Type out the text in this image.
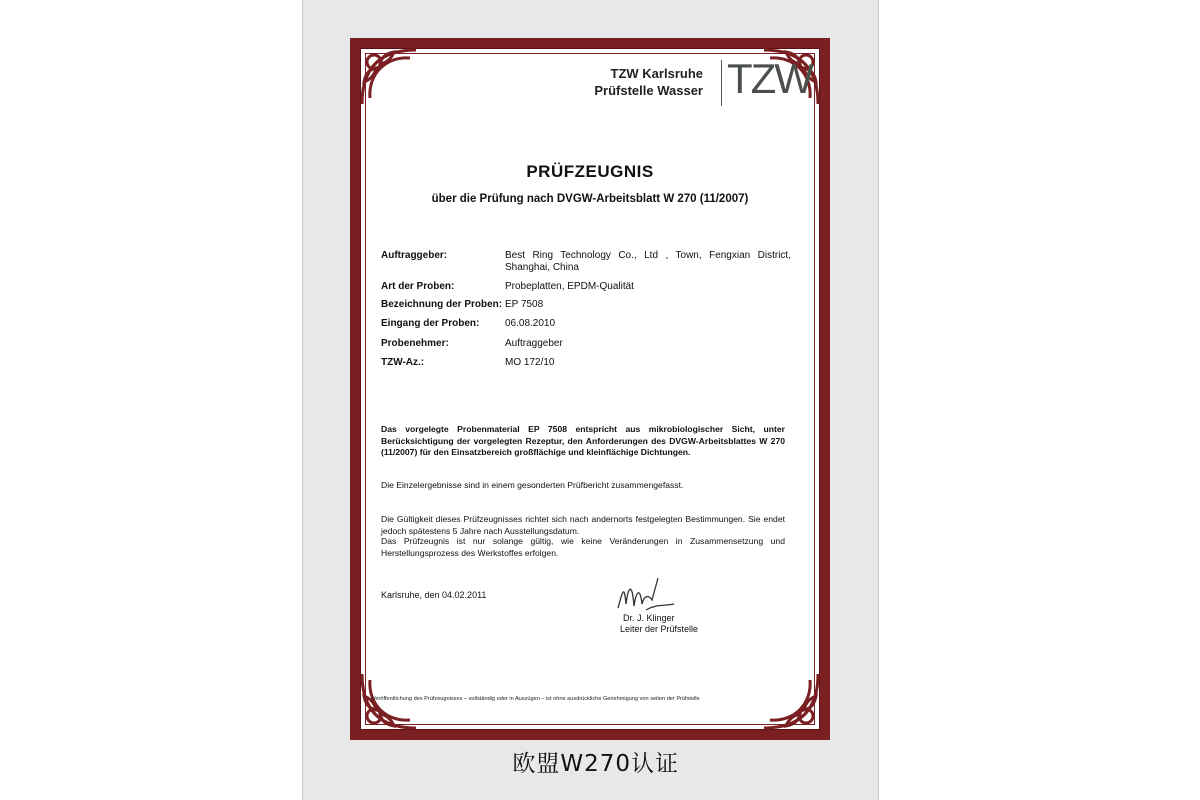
TZW Karlsruhe
Prüfstelle Wasser TZW
PRÜFZEUGNIS
über die Prüfung nach DVGW-Arbeitsblatt W 270 (11/2007)
Auftraggeber:	Best Ring Technology Co., Ltd , Town, Fengxian District, Shanghai, China
Art der Proben:	Probeplatten, EPDM-Qualität
Bezeichnung der Proben: EP 7508
Eingang der Proben:	06.08.2010
Probenehmer:	Auftraggeber
TZW-Az.:	MO 172/10
Das vorgelegte Probenmaterial EP 7508 entspricht aus mikrobiologischer Sicht, unter Berücksichtigung der vorgelegten Rezeptur, den Anforderungen des DVGW-Arbeitsblattes W 270 (11/2007) für den Einsatzbereich großflächige und kleinflächige Dichtungen.
Die Einzelergebnisse sind in einem gesonderten Prüfbericht zusammengefasst.
Die Gültigkeit dieses Prüfzeugnisses richtet sich nach andernorts festgelegten Bestimmungen. Sie endet jedoch spätestens 5 Jahre nach Ausstellungsdatum.
Das Prüfzeugnis ist nur solange gültig, wie keine Veränderungen in Zusammensetzung und Herstellungsprozess des Werkstoffes erfolgen.
Karlsruhe, den 04.02.2011
Dr. J. Klinger
Leiter der Prüfstelle
Veröffentlichung des Prüfzeugnisses – vollständig oder in Auszügen – ist ohne ausdrückliche Genehmigung von seiten der Prüfstelle
欧盟W270认证
